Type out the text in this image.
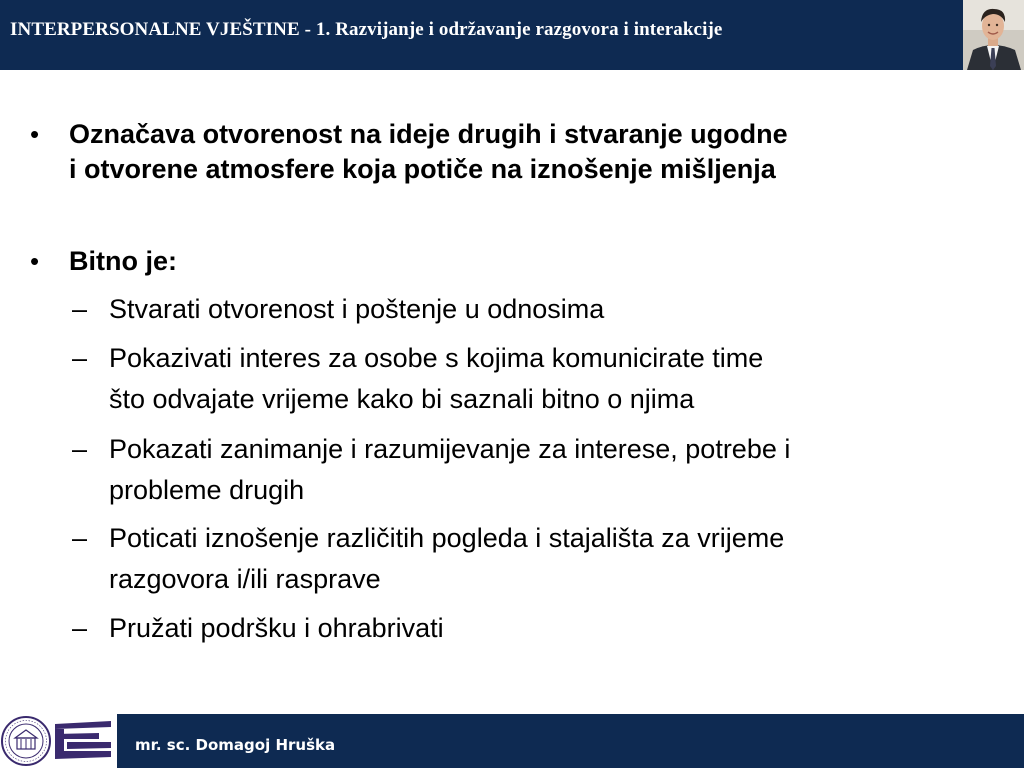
INTERPERSONALNE VJEŠTINE - 1. Razvijanje i održavanje razgovora i interakcije
• Označava otvorenost na ideje drugih i stvaranje ugodne
i otvorene atmosfere koja potiče na iznošenje mišljenja
• Bitno je:
– Stvarati otvorenost i poštenje u odnosima
– Pokazivati interes za osobe s kojima komunicirate time
što odvajate vrijeme kako bi saznali bitno o njima
– Pokazati zanimanje i razumijevanje za interese, potrebe i
probleme drugih
– Poticati iznošenje različitih pogleda i stajališta za vrijeme
razgovora i/ili rasprave
– Pružati podršku i ohrabrivati
mr. sc. Domagoj Hruška
